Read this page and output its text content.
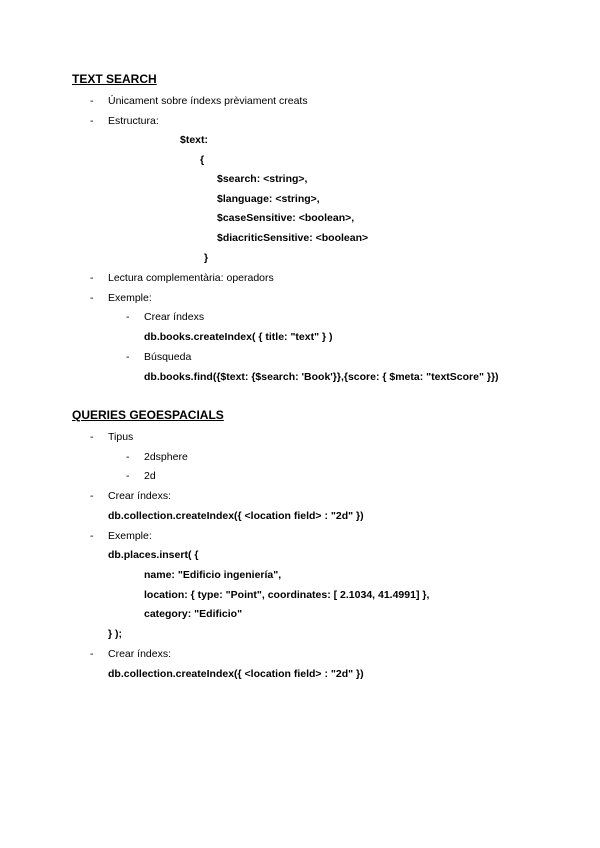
TEXT SEARCH
- Únicament sobre índexs prèviament creats
- Estructura:
$text:
{
$search: <string>,
$language: <string>,
$caseSensitive: <boolean>,
$diacriticSensitive: <boolean>
}
- Lectura complementària: operadors
- Exemple:
- Crear índexs
db.books.createIndex( { title: "text" } )
- Búsqueda
db.books.find({$text: {$search: 'Book'}},{score: { $meta: "textScore" }})
QUERIES GEOESPACIALS
- Tipus
- 2dsphere
- 2d
- Crear índexs:
db.collection.createIndex({ <location field> : "2d" })
- Exemple:
db.places.insert( {
name: "Edificio ingeniería",
location: { type: "Point", coordinates: [ 2.1034, 41.4991] },
category: "Edificio"
} );
- Crear índexs:
db.collection.createIndex({ <location field> : "2d" })
